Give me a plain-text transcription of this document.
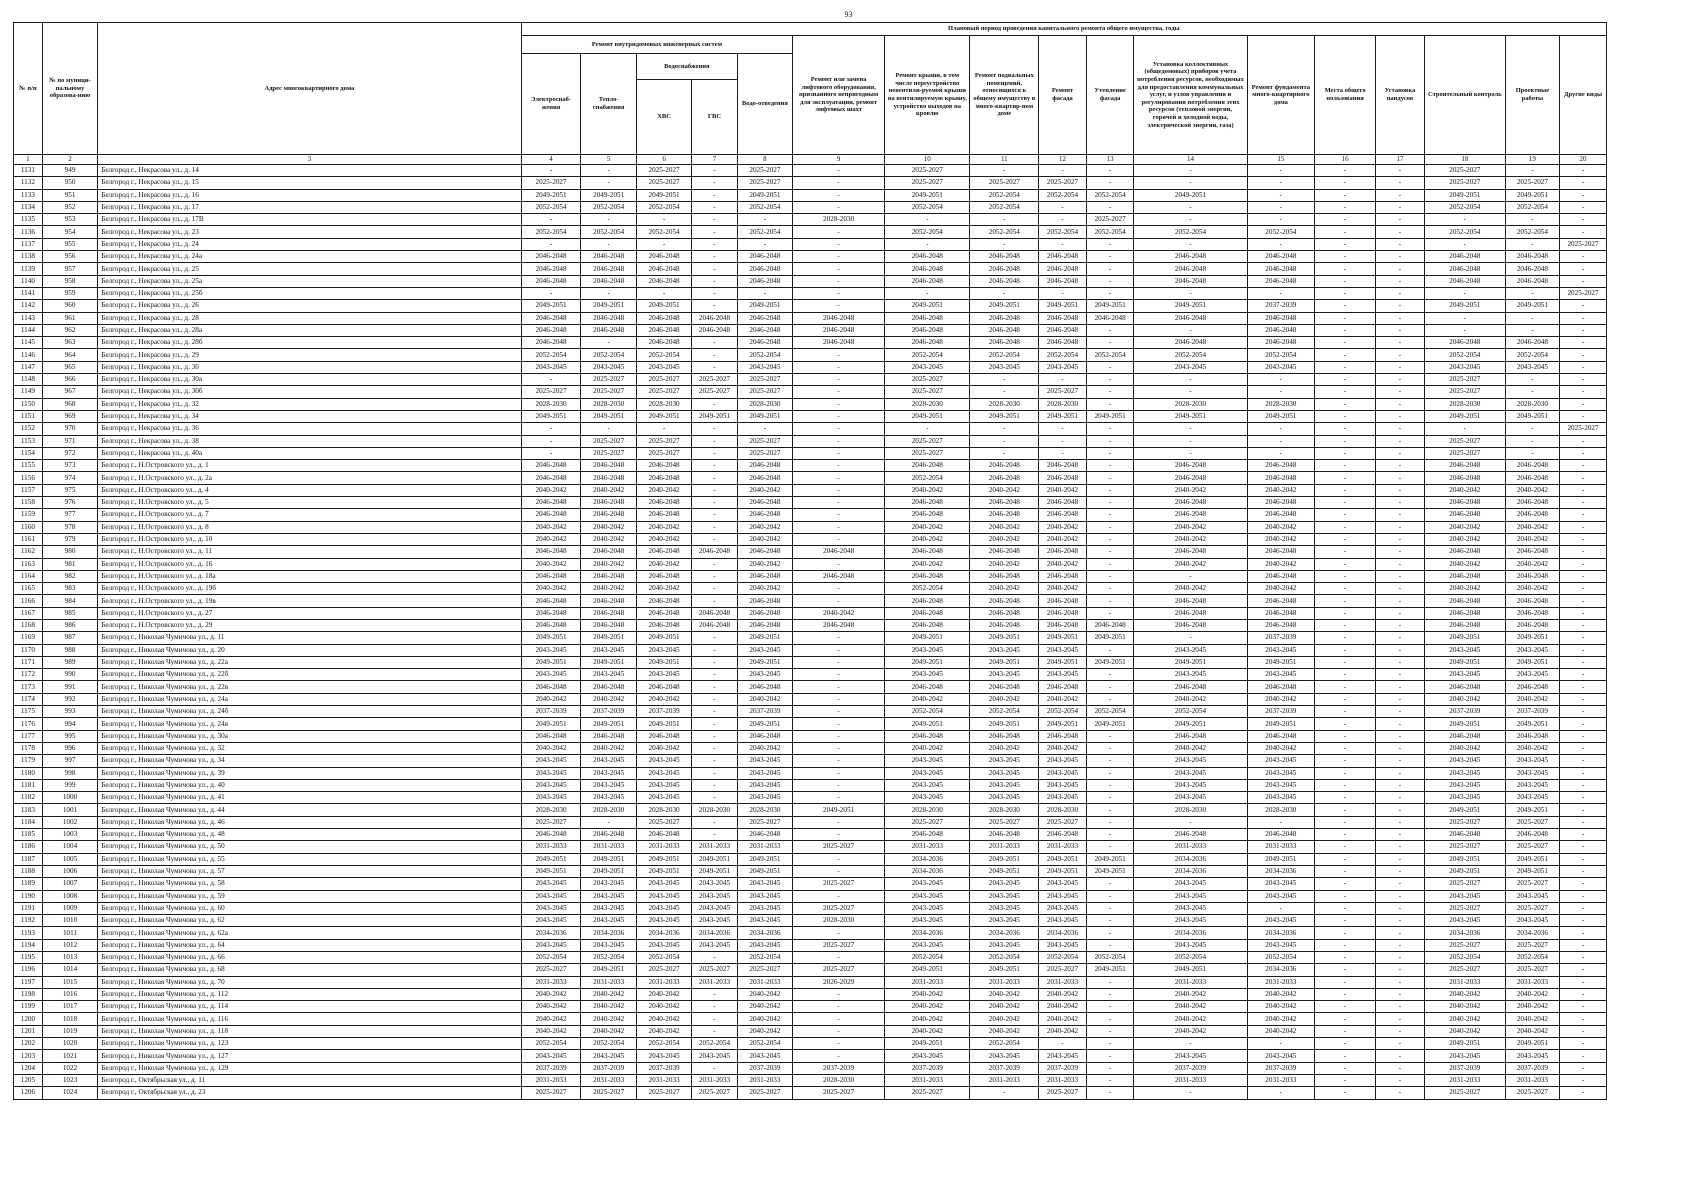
93
№ п/п	№ по муници-пальному образова-нию	Адрес многоквартирного дома	Плановый период проведения капитального ремонта общего имущества, годы																
			Ремонт внутридомовых инженерных систем					Ремонт или замена лифтового оборудования, признанного непригодным для эксплуатации, ремонт лифтовых шахт	Ремонт крыши, в том числе переустройство невентили-руемой крыши на вентилируемую крышу, устройство выходов на кровлю	Ремонт подвальных помещений, относящихся к общему имуществу в много-квартир-ном доме	Ремонт фасада	Утепление фасада	Установка коллективных (общедомовых) приборов учета потребления ресурсов, необходимых для предоставления коммунальных услуг, и узлов управления и регулирования потребления этих ресурсов (тепловой энергии, горячей и холодной воды, электрической энергии, газа)	Ремонт фундамента много-квартирного дома	Места общего пользования	Установка пандусов	Строительный контроль	Проектные работы	Другие виды
			Электроснаб-жения	Тепло-снабжения	Водоснабжения		Водо-отведения												
					ХВС	ГВС													
1	2	3	4	5	6	7	8	9	10	11	12	13	14	15	16	17	18	19	20
1131	949	Белгород г., Некрасова ул., д. 14	-	-	2025-2027	-	2025-2027	-	2025-2027	-	-	-	-	-	-	-	2025-2027	-	-
1132	950	Белгород г., Некрасова ул., д. 15	2025-2027	-	2025-2027	-	2025-2027	-	2025-2027	2025-2027	2025-2027	-	-	-	-	-	2025-2027	2025-2027	-
1133	951	Белгород г., Некрасова ул., д. 16	2049-2051	2049-2051	2049-2051	-	2049-2051	-	2049-2051	2052-2054	2052-2054	2052-2054	2049-2051	-	-	-	2049-2051	2049-2051	-
1134	952	Белгород г., Некрасова ул., д. 17	2052-2054	2052-2054	2052-2054	-	2052-2054	-	2052-2054	2052-2054	-	-	-	-	-	-	2052-2054	2052-2054	-
1135	953	Белгород г., Некрасова ул., д. 17В	-	-	-	-	-	2028-2030	-	-	-	2025-2027	-	-	-	-	-	-	-
1136	954	Белгород г., Некрасова ул., д. 23	2052-2054	2052-2054	2052-2054	-	2052-2054	-	2052-2054	2052-2054	2052-2054	2052-2054	2052-2054	2052-2054	-	-	2052-2054	2052-2054	-
1137	955	Белгород г., Некрасова ул., д. 24	-	-	-	-	-	-	-	-	-	-	-	-	-	-	-	-	2025-2027
1138	956	Белгород г., Некрасова ул., д. 24а	2046-2048	2046-2048	2046-2048	-	2046-2048	-	2046-2048	2046-2048	2046-2048	-	2046-2048	2046-2048	-	-	2046-2048	2046-2048	-
1139	957	Белгород г., Некрасова ул., д. 25	2046-2048	2046-2048	2046-2048	-	2046-2048	-	2046-2048	2046-2048	2046-2048	-	2046-2048	2046-2048	-	-	2046-2048	2046-2048	-
1140	958	Белгород г., Некрасова ул., д. 25а	2046-2048	2046-2048	2046-2048	-	2046-2048	-	2046-2048	2046-2048	2046-2048	-	2046-2048	2046-2048	-	-	2046-2048	2046-2048	-
1141	959	Белгород г., Некрасова ул., д. 25б	-	-	-	-	-	-	-	-	-	-	-	-	-	-	-	-	2025-2027
1142	960	Белгород г., Некрасова ул., д. 26	2049-2051	2049-2051	2049-2051	-	2049-2051	-	2049-2051	2049-2051	2049-2051	2049-2051	2049-2051	2037-2039	-	-	2049-2051	2049-2051	-
1143	961	Белгород г., Некрасова ул., д. 28	2046-2048	2046-2048	2046-2048	2046-2048	2046-2048	2046-2048	2046-2048	2046-2048	2046-2048	2046-2048	2046-2048	2046-2048	-	-	-	-	-
1144	962	Белгород г., Некрасова ул., д. 28а	2046-2048	2046-2048	2046-2048	2046-2048	2046-2048	2046-2048	2046-2048	2046-2048	2046-2048	-	-	2046-2048	-	-	-	-	-
1145	963	Белгород г., Некрасова ул., д. 28б	2046-2048	-	2046-2048	-	2046-2048	2046-2048	2046-2048	2046-2048	2046-2048	-	2046-2048	2046-2048	-	-	2046-2048	2046-2048	-
1146	964	Белгород г., Некрасова ул., д. 29	2052-2054	2052-2054	2052-2054	-	2052-2054	-	2052-2054	2052-2054	2052-2054	2052-2054	2052-2054	2052-2054	-	-	2052-2054	2052-2054	-
1147	965	Белгород г., Некрасова ул., д. 30	2043-2045	2043-2045	2043-2045	-	2043-2045	-	2043-2045	2043-2045	2043-2045	-	2043-2045	2043-2045	-	-	2043-2045	2043-2045	-
1148	966	Белгород г., Некрасова ул., д. 30а	-	2025-2027	2025-2027	2025-2027	2025-2027	-	2025-2027	-	-	-	-	-	-	-	2025-2027	-	-
1149	967	Белгород г., Некрасова ул., д. 30б	2025-2027	2025-2027	2025-2027	2025-2027	2025-2027	-	2025-2027	-	2025-2027	-	-	-	-	-	2025-2027	-	-
1150	968	Белгород г., Некрасова ул., д. 32	2028-2030	2028-2030	2028-2030	-	2028-2030	-	2028-2030	2028-2030	2028-2030	-	2028-2030	2028-2030	-	-	2028-2030	2028-2030	-
1151	969	Белгород г., Некрасова ул., д. 34	2049-2051	2049-2051	2049-2051	2049-2051	2049-2051	-	2049-2051	2049-2051	2049-2051	2049-2051	2049-2051	2049-2051	-	-	2049-2051	2049-2051	-
1152	970	Белгород г., Некрасова ул., д. 36	-	-	-	-	-	-	-	-	-	-	-	-	-	-	-	-	2025-2027
1153	971	Белгород г., Некрасова ул., д. 38	-	2025-2027	2025-2027	-	2025-2027	-	2025-2027	-	-	-	-	-	-	-	2025-2027	-	-
1154	972	Белгород г., Некрасова ул., д. 40а	-	2025-2027	2025-2027	-	2025-2027	-	2025-2027	-	-	-	-	-	-	-	2025-2027	-	-
1155	973	Белгород г., Н.Островского ул., д. 1	2046-2048	2046-2048	2046-2048	-	2046-2048	-	2046-2048	2046-2048	2046-2048	-	2046-2048	2046-2048	-	-	2046-2048	2046-2048	-
1156	974	Белгород г., Н.Островского ул., д. 2а	2046-2048	2046-2048	2046-2048	-	2046-2048	-	2052-2054	2046-2048	2046-2048	-	2046-2048	2046-2048	-	-	2046-2048	2046-2048	-
1157	975	Белгород г., Н.Островского ул., д. 4	2040-2042	2040-2042	2040-2042	-	2040-2042	-	2040-2042	2040-2042	2040-2042	-	2040-2042	2040-2042	-	-	2040-2042	2040-2042	-
1158	976	Белгород г., Н.Островского ул., д. 5	2046-2048	2046-2048	2046-2048	-	2046-2048	-	2046-2048	2046-2048	2046-2048	-	2046-2048	2046-2048	-	-	2046-2048	2046-2048	-
1159	977	Белгород г., Н.Островского ул., д. 7	2046-2048	2046-2048	2046-2048	-	2046-2048	-	2046-2048	2046-2048	2046-2048	-	2046-2048	2046-2048	-	-	2046-2048	2046-2048	-
1160	978	Белгород г., Н.Островского ул., д. 8	2040-2042	2040-2042	2040-2042	-	2040-2042	-	2040-2042	2040-2042	2040-2042	-	2040-2042	2040-2042	-	-	2040-2042	2040-2042	-
1161	979	Белгород г., Н.Островского ул., д. 10	2040-2042	2040-2042	2040-2042	-	2040-2042	-	2040-2042	2040-2042	2040-2042	-	2040-2042	2040-2042	-	-	2040-2042	2040-2042	-
1162	980	Белгород г., Н.Островского ул., д. 11	2046-2048	2046-2048	2046-2048	2046-2048	2046-2048	2046-2048	2046-2048	2046-2048	2046-2048	-	2046-2048	2046-2048	-	-	2046-2048	2046-2048	-
1163	981	Белгород г., Н.Островского ул., д. 16	2040-2042	2040-2042	2040-2042	-	2040-2042	-	2040-2042	2040-2042	2040-2042	-	2040-2042	2040-2042	-	-	2040-2042	2040-2042	-
1164	982	Белгород г., Н.Островского ул., д. 18а	2046-2048	2046-2048	2046-2048	-	2046-2048	2046-2048	2046-2048	2046-2048	2046-2048	-	-	2046-2048	-	-	2046-2048	2046-2048	-
1165	983	Белгород г., Н.Островского ул., д. 19б	2040-2042	2040-2042	2040-2042	-	2040-2042	-	2052-2054	2040-2042	2040-2042	-	2040-2042	2040-2042	-	-	2040-2042	2040-2042	-
1166	984	Белгород г., Н.Островского ул., д. 19в	2046-2048	2046-2048	2046-2048	-	2046-2048	-	2046-2048	2046-2048	2046-2048	-	2046-2048	2046-2048	-	-	2046-2048	2046-2048	-
1167	985	Белгород г., Н.Островского ул., д. 27	2046-2048	2046-2048	2046-2048	2046-2048	2046-2048	2040-2042	2046-2048	2046-2048	2046-2048	-	2046-2048	2046-2048	-	-	2046-2048	2046-2048	-
1168	986	Белгород г., Н.Островского ул., д. 29	2046-2048	2046-2048	2046-2048	2046-2048	2046-2048	2046-2048	2046-2048	2046-2048	2046-2048	2046-2048	2046-2048	2046-2048	-	-	2046-2048	2046-2048	-
1169	987	Белгород г., Николая Чумичова ул., д. 11	2049-2051	2049-2051	2049-2051	-	2049-2051	-	2049-2051	2049-2051	2049-2051	2049-2051	-	2037-2039	-	-	2049-2051	2049-2051	-
1170	988	Белгород г., Николая Чумичова ул., д. 20	2043-2045	2043-2045	2043-2045	-	2043-2045	-	2043-2045	2043-2045	2043-2045	-	2043-2045	2043-2045	-	-	2043-2045	2043-2045	-
1171	989	Белгород г., Николая Чумичова ул., д. 22а	2049-2051	2049-2051	2049-2051	-	2049-2051	-	2049-2051	2049-2051	2049-2051	2049-2051	2049-2051	2049-2051	-	-	2049-2051	2049-2051	-
1172	990	Белгород г., Николая Чумичова ул., д. 22б	2043-2045	2043-2045	2043-2045	-	2043-2045	-	2043-2045	2043-2045	2043-2045	-	2043-2045	2043-2045	-	-	2043-2045	2043-2045	-
1173	991	Белгород г., Николая Чумичова ул., д. 22в	2046-2048	2046-2048	2046-2048	-	2046-2048	-	2046-2048	2046-2048	2046-2048	-	2046-2048	2046-2048	-	-	2046-2048	2046-2048	-
1174	992	Белгород г., Николая Чумичова ул., д. 24а	2040-2042	2040-2042	2040-2042	-	2040-2042	-	2040-2042	2040-2042	2040-2042	-	2040-2042	2040-2042	-	-	2040-2042	2040-2042	-
1175	993	Белгород г., Николая Чумичова ул., д. 24б	2037-2039	2037-2039	2037-2039	-	2037-2039	-	2052-2054	2052-2054	2052-2054	2052-2054	2052-2054	2037-2039	-	-	2037-2039	2037-2039	-
1176	994	Белгород г., Николая Чумичова ул., д. 24в	2049-2051	2049-2051	2049-2051	-	2049-2051	-	2049-2051	2049-2051	2049-2051	2049-2051	2049-2051	2049-2051	-	-	2049-2051	2049-2051	-
1177	995	Белгород г., Николая Чумичова ул., д. 30а	2046-2048	2046-2048	2046-2048	-	2046-2048	-	2046-2048	2046-2048	2046-2048	-	2046-2048	2046-2048	-	-	2046-2048	2046-2048	-
1178	996	Белгород г., Николая Чумичова ул., д. 32	2040-2042	2040-2042	2040-2042	-	2040-2042	-	2040-2042	2040-2042	2040-2042	-	2040-2042	2040-2042	-	-	2040-2042	2040-2042	-
1179	997	Белгород г., Николая Чумичова ул., д. 34	2043-2045	2043-2045	2043-2045	-	2043-2045	-	2043-2045	2043-2045	2043-2045	-	2043-2045	2043-2045	-	-	2043-2045	2043-2045	-
1180	998	Белгород г., Николая Чумичова ул., д. 39	2043-2045	2043-2045	2043-2045	-	2043-2045	-	2043-2045	2043-2045	2043-2045	-	2043-2045	2043-2045	-	-	2043-2045	2043-2045	-
1181	999	Белгород г., Николая Чумичова ул., д. 40	2043-2045	2043-2045	2043-2045	-	2043-2045	-	2043-2045	2043-2045	2043-2045	-	2043-2045	2043-2045	-	-	2043-2045	2043-2045	-
1182	1000	Белгород г., Николая Чумичова ул., д. 41	2043-2045	2043-2045	2043-2045	-	2043-2045	-	2043-2045	2043-2045	2043-2045	-	2043-2045	2043-2045	-	-	2043-2045	2043-2045	-
1183	1001	Белгород г., Николая Чумичова ул., д. 44	2028-2030	2028-2030	2028-2030	2028-2030	2028-2030	2049-2051	2028-2030	2028-2030	2028-2030	-	2028-2030	2028-2030	-	-	2049-2051	2049-2051	-
1184	1002	Белгород г., Николая Чумичова ул., д. 46	2025-2027	-	2025-2027	-	2025-2027	-	2025-2027	2025-2027	2025-2027	-	-	-	-	-	2025-2027	2025-2027	-
1185	1003	Белгород г., Николая Чумичова ул., д. 48	2046-2048	2046-2048	2046-2048	-	2046-2048	-	2046-2048	2046-2048	2046-2048	-	2046-2048	2046-2048	-	-	2046-2048	2046-2048	-
1186	1004	Белгород г., Николая Чумичова ул., д. 50	2031-2033	2031-2033	2031-2033	2031-2033	2031-2033	2025-2027	2031-2033	2031-2033	2031-2033	-	2031-2033	2031-2033	-	-	2025-2027	2025-2027	-
1187	1005	Белгород г., Николая Чумичова ул., д. 55	2049-2051	2049-2051	2049-2051	2049-2051	2049-2051	-	2034-2036	2049-2051	2049-2051	2049-2051	2034-2036	2049-2051	-	-	2049-2051	2049-2051	-
1188	1006	Белгород г., Николая Чумичова ул., д. 57	2049-2051	2049-2051	2049-2051	2049-2051	2049-2051	-	2034-2036	2049-2051	2049-2051	2049-2051	2034-2036	2034-2036	-	-	2049-2051	2049-2051	-
1189	1007	Белгород г., Николая Чумичова ул., д. 58	2043-2045	2043-2045	2043-2045	2043-2045	2043-2045	2025-2027	2043-2045	2043-2045	2043-2045	-	2043-2045	2043-2045	-	-	2025-2027	2025-2027	-
1190	1008	Белгород г., Николая Чумичова ул., д. 59	2043-2045	2043-2045	2043-2045	2043-2045	2043-2045	-	2043-2045	2043-2045	2043-2045	-	2043-2045	2043-2045	-	-	2043-2045	2043-2045	-
1191	1009	Белгород г., Николая Чумичова ул., д. 60	2043-2045	2043-2045	2043-2045	2043-2045	2043-2045	2025-2027	2043-2045	2043-2045	2043-2045	-	2043-2045	-	-	-	2025-2027	2025-2027	-
1192	1010	Белгород г., Николая Чумичова ул., д. 62	2043-2045	2043-2045	2043-2045	2043-2045	2043-2045	2028-2030	2043-2045	2043-2045	2043-2045	-	2043-2045	2043-2045	-	-	2043-2045	2043-2045	-
1193	1011	Белгород г., Николая Чумичова ул., д. 62а	2034-2036	2034-2036	2034-2036	2034-2036	2034-2036	-	2034-2036	2034-2036	2034-2036	-	2034-2036	2034-2036	-	-	2034-2036	2034-2036	-
1194	1012	Белгород г., Николая Чумичова ул., д. 64	2043-2045	2043-2045	2043-2045	2043-2045	2043-2045	2025-2027	2043-2045	2043-2045	2043-2045	-	2043-2045	2043-2045	-	-	2025-2027	2025-2027	-
1195	1013	Белгород г., Николая Чумичова ул., д. 66	2052-2054	2052-2054	2052-2054	-	2052-2054	-	2052-2054	2052-2054	2052-2054	2052-2054	2052-2054	2052-2054	-	-	2052-2054	2052-2054	-
1196	1014	Белгород г., Николая Чумичова ул., д. 68	2025-2027	2049-2051	2025-2027	2025-2027	2025-2027	2025-2027	2049-2051	2049-2051	2025-2027	2049-2051	2049-2051	2034-2036	-	-	2025-2027	2025-2027	-
1197	1015	Белгород г., Николая Чумичова ул., д. 70	2031-2033	2031-2033	2031-2033	2031-2033	2031-2033	2026-2029	2031-2033	2031-2033	2031-2033	-	2031-2033	2031-2033	-	-	2031-2033	2031-2033	-
1198	1016	Белгород г., Николая Чумичова ул., д. 112	2040-2042	2040-2042	2040-2042	-	2040-2042	-	2040-2042	2040-2042	2040-2042	-	2040-2042	2040-2042	-	-	2040-2042	2040-2042	-
1199	1017	Белгород г., Николая Чумичова ул., д. 114	2040-2042	2040-2042	2040-2042	-	2040-2042	-	2040-2042	2040-2042	2040-2042	-	2040-2042	2040-2042	-	-	2040-2042	2040-2042	-
1200	1018	Белгород г., Николая Чумичова ул., д. 116	2040-2042	2040-2042	2040-2042	-	2040-2042	-	2040-2042	2040-2042	2040-2042	-	2040-2042	2040-2042	-	-	2040-2042	2040-2042	-
1201	1019	Белгород г., Николая Чумичова ул., д. 118	2040-2042	2040-2042	2040-2042	-	2040-2042	-	2040-2042	2040-2042	2040-2042	-	2040-2042	2040-2042	-	-	2040-2042	2040-2042	-
1202	1020	Белгород г., Николая Чумичова ул., д. 123	2052-2054	2052-2054	2052-2054	2052-2054	2052-2054	-	2049-2051	2052-2054	-	-	-	-	-	-	2049-2051	2049-2051	-
1203	1021	Белгород г., Николая Чумичова ул., д. 127	2043-2045	2043-2045	2043-2045	2043-2045	2043-2045	-	2043-2045	2043-2045	2043-2045	-	2043-2045	2043-2045	-	-	2043-2045	2043-2045	-
1204	1022	Белгород г., Николая Чумичова ул., д. 129	2037-2039	2037-2039	2037-2039	-	2037-2039	2037-2039	2037-2039	2037-2039	2037-2039	-	2037-2039	2037-2039	-	-	2037-2039	2037-2039	-
1205	1023	Белгород г., Октябрьская ул., д. 11	2031-2033	2031-2033	2031-2033	2031-2033	2031-2033	2028-2030	2031-2033	2031-2033	2031-2033	-	2031-2033	2031-2033	-	-	2031-2033	2031-2033	-
1206	1024	Белгород г., Октябрьская ул., д. 23	2025-2027	2025-2027	2025-2027	2025-2027	2025-2027	2025-2027	2025-2027	-	2025-2027	-	-	-	-	-	2025-2027	2025-2027	-
